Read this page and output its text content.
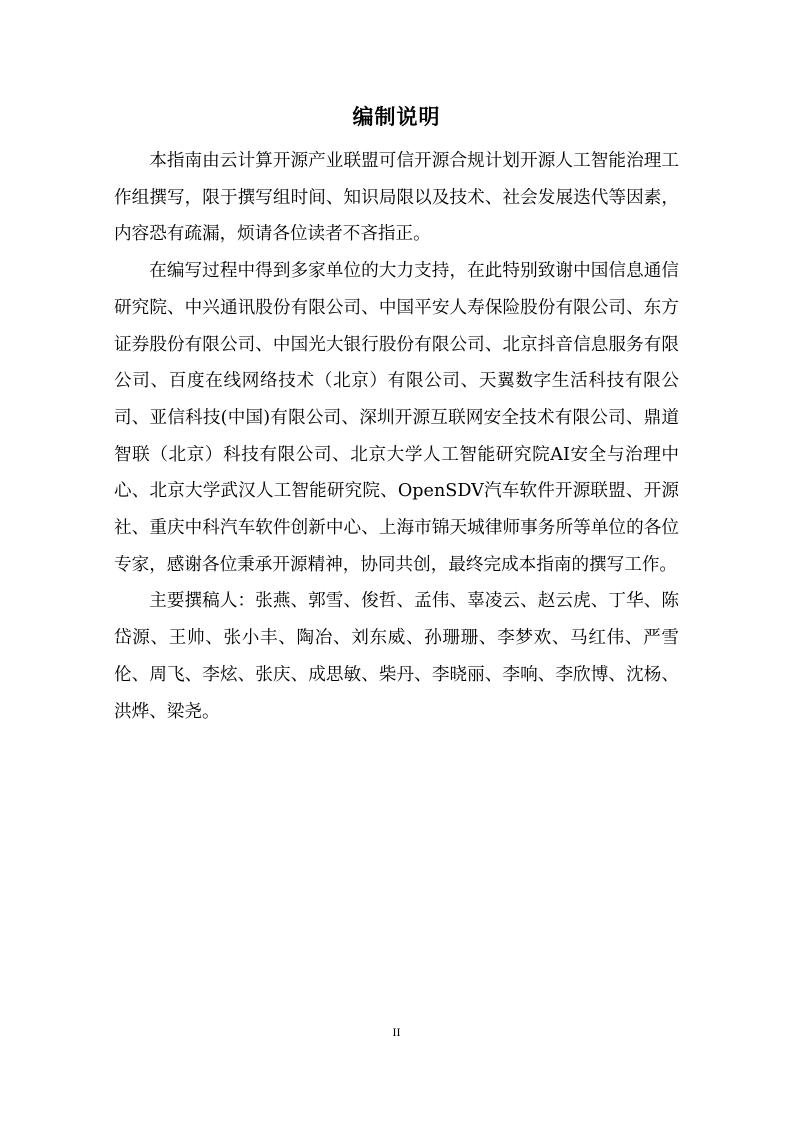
编制说明

本指南由云计算开源产业联盟可信开源合规计划开源人工智能治理工作组撰写，限于撰写组时间、知识局限以及技术、社会发展迭代等因素，内容恐有疏漏，烦请各位读者不吝指正。

在编写过程中得到多家单位的大力支持，在此特别致谢中国信息通信研究院、中兴通讯股份有限公司、中国平安人寿保险股份有限公司、东方证券股份有限公司、中国光大银行股份有限公司、北京抖音信息服务有限公司、百度在线网络技术（北京）有限公司、天翼数字生活科技有限公司、亚信科技(中国)有限公司、深圳开源互联网安全技术有限公司、鼎道智联（北京）科技有限公司、北京大学人工智能研究院AI安全与治理中心、北京大学武汉人工智能研究院、OpenSDV汽车软件开源联盟、开源社、重庆中科汽车软件创新中心、上海市锦天城律师事务所等单位的各位专家，感谢各位秉承开源精神，协同共创，最终完成本指南的撰写工作。

主要撰稿人：张燕、郭雪、俊哲、孟伟、辜凌云、赵云虎、丁华、陈岱源、王帅、张小丰、陶冶、刘东威、孙珊珊、李梦欢、马红伟、严雪伦、周飞、李炫、张庆、成思敏、柴丹、李晓丽、李响、李欣博、沈杨、洪烨、梁尧。

II
